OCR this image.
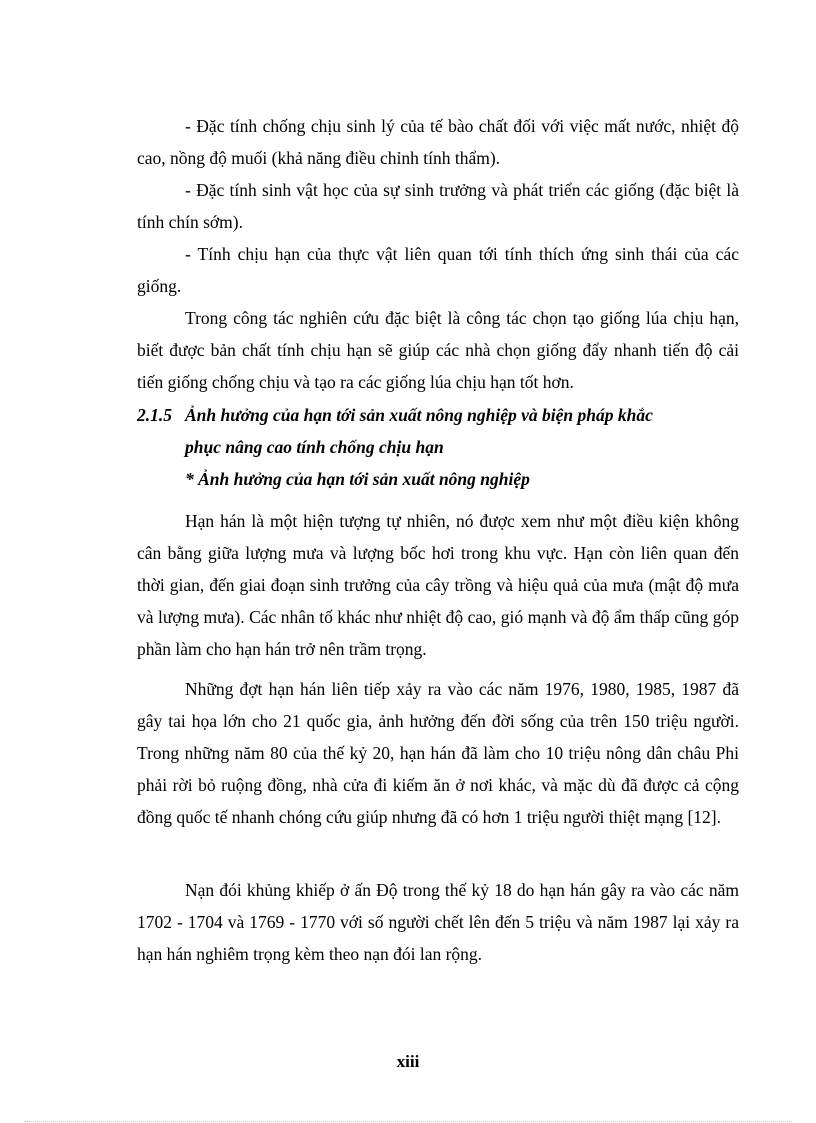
- Đặc tính chống chịu sinh lý của tế bào chất đối với việc mất nước, nhiệt độ cao, nồng độ muối (khả năng điều chỉnh tính thẩm).

- Đặc tính sinh vật học của sự sinh trưởng và phát triển các giống (đặc biệt là tính chín sớm).

- Tính chịu hạn của thực vật liên quan tới tính thích ứng sinh thái của các giống.

Trong công tác nghiên cứu đặc biệt là công tác chọn tạo giống lúa chịu hạn, biết được bản chất tính chịu hạn sẽ giúp các nhà chọn giống đẩy nhanh tiến độ cải tiến giống chống chịu và tạo ra các giống lúa chịu hạn tốt hơn.

2.1.5 Ảnh hưởng của hạn tới sản xuất nông nghiệp và biện pháp khắc
phục nâng cao tính chống chịu hạn
* Ảnh hưởng của hạn tới sản xuất nông nghiệp

Hạn hán là một hiện tượng tự nhiên, nó được xem như một điều kiện không cân bằng giữa lượng mưa và lượng bốc hơi trong khu vực. Hạn còn liên quan đến thời gian, đến giai đoạn sinh trưởng của cây trồng và hiệu quả của mưa (mật độ mưa và lượng mưa). Các nhân tố khác như nhiệt độ cao, gió mạnh và độ ẩm thấp cũng góp phần làm cho hạn hán trở nên trầm trọng.

Những đợt hạn hán liên tiếp xảy ra vào các năm 1976, 1980, 1985, 1987 đã gây tai họa lớn cho 21 quốc gia, ảnh hưởng đến đời sống của trên 150 triệu người. Trong những năm 80 của thế kỷ 20, hạn hán đã làm cho 10 triệu nông dân châu Phi phải rời bỏ ruộng đồng, nhà cửa đi kiếm ăn ở nơi khác, và mặc dù đã được cả cộng đồng quốc tế nhanh chóng cứu giúp nhưng đã có hơn 1 triệu người thiệt mạng [12].

Nạn đói khủng khiếp ở ấn Độ trong thế kỷ 18 do hạn hán gây ra vào các năm 1702 - 1704 và 1769 - 1770 với số người chết lên đến 5 triệu và năm 1987 lại xảy ra hạn hán nghiêm trọng kèm theo nạn đói lan rộng.

xiii
